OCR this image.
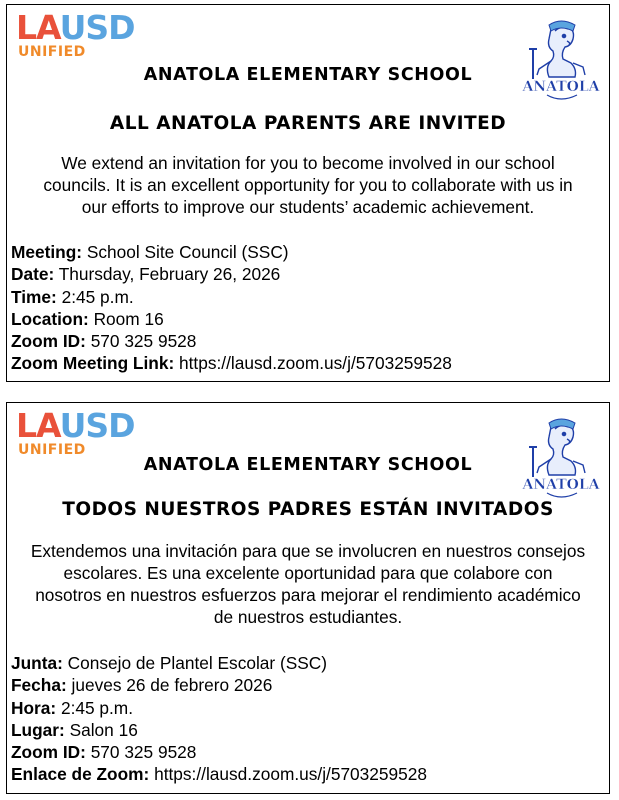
LAUSD
UNIFIED
ANATOLA
ANATOLA ELEMENTARY SCHOOL
ALL ANATOLA PARENTS ARE INVITED
We extend an invitation for you to become involved in our school councils. It is an excellent opportunity for you to collaborate with us in our efforts to improve our students’ academic achievement.
Meeting: School Site Council (SSC)
Date: Thursday, February 26, 2026
Time: 2:45 p.m.
Location: Room 16
Zoom ID: 570 325 9528
Zoom Meeting Link: https://lausd.zoom.us/j/5703259528
LAUSD
UNIFIED
ANATOLA
ANATOLA ELEMENTARY SCHOOL
TODOS NUESTROS PADRES ESTÁN INVITADOS
Extendemos una invitación para que se involucren en nuestros consejos escolares. Es una excelente oportunidad para que colabore con nosotros en nuestros esfuerzos para mejorar el rendimiento académico de nuestros estudiantes.
Junta: Consejo de Plantel Escolar (SSC)
Fecha: jueves 26 de febrero 2026
Hora: 2:45 p.m.
Lugar: Salon 16
Zoom ID: 570 325 9528
Enlace de Zoom: https://lausd.zoom.us/j/5703259528
